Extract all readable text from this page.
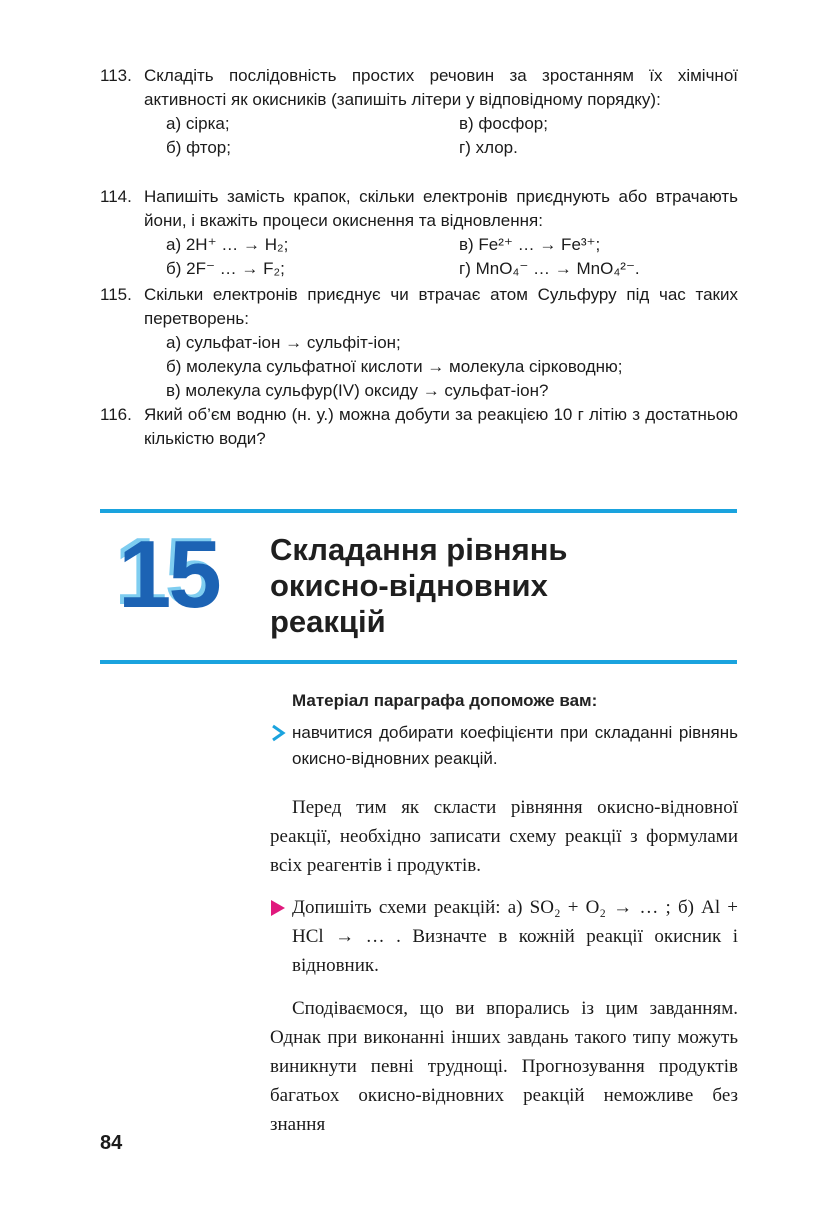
113. Складіть послідовність простих речовин за зростанням їх хімічної активності як окисників (запишіть літери у відповідному порядку):

а) сірка;	в) фосфор;
б) фтор;	г) хлор.
114. Напишіть замість крапок, скільки електронів приєднують або втрачають йони, і вкажіть процеси окиснення та відновлення:

а) 2H⁺ … → H₂;	в) Fe²⁺ … → Fe³⁺;
б) 2F⁻ … → F₂;	г) MnO₄⁻ … → MnO₄²⁻.
115. Скільки електронів приєднує чи втрачає атом Сульфуру під час таких перетворень:

а) сульфат-іон → сульфіт-іон;
б) молекула сульфатної кислоти → молекула сірководню;
в) молекула сульфур(IV) оксиду → сульфат-іон?
116. Який об’єм водню (н. у.) можна добути за реакцією 10 г літію з достатньою кількістю води?

15 Складання рівнянь
окисно-відновних
реакцій
Матеріал параграфа допоможе вам:
навчитися добирати коефіцієнти при складанні рівнянь окисно-відновних реакцій.
Перед тим як скласти рівняння окисно-відновної реакції, необхідно записати схему реакції з формулами всіх реагентів і продуктів.
Допишіть схеми реакцій: а) SO₂ + O₂ → … ; б) Al + HCl → … . Визначте в кожній реакції окисник і відновник.
Сподіваємося, що ви впорались із цим завданням. Однак при виконанні інших завдань такого типу можуть виникнути певні труднощі. Прогнозування продуктів багатьох окисно-відновних реакцій неможливе без знання
84
